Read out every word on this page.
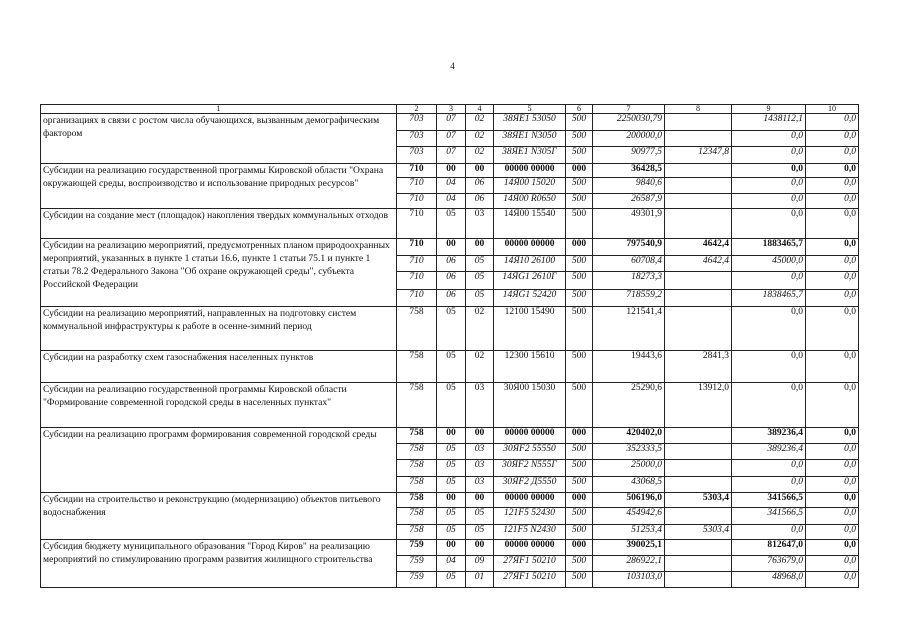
4
1	2	3	4	5	6	7	8	9	10
организациях в связи с ростом числа обучающихся, вызванным демографическим фактором	703	07	02	38ЯЕ1 53050	500	2250030,79		1438112,1	0,0
	703	07	02	38ЯЕ1 N3050	500	200000,0		0,0	0,0
	703	07	02	38ЯЕ1 N305Г	500	90977,5	12347,8	0,0	0,0
Субсидии на реализацию государственной программы Кировской области "Охрана окружающей среды, воспроизводство и использование природных ресурсов"	710	00	00	00000 00000	000	36428,5		0,0	0,0
	710	04	06	14Я00 15020	500	9840,6		0,0	0,0
	710	04	06	14Я00 R0650	500	26587,9		0,0	0,0
Субсидии на создание мест (площадок) накопления твердых коммунальных отходов	710	05	03	14Я00 15540	500	49301,9		0,0	0,0
Субсидии на реализацию мероприятий, предусмотренных планом природоохранных мероприятий, указанных в пункте 1 статьи 16.6, пункте 1 статьи 75.1 и пункте 1 статьи 78.2 Федерального Закона "Об охране окружающей среды", субъекта Российской Федерации	710	00	00	00000 00000	000	797540,9	4642,4	1883465,7	0,0
	710	06	05	14Я10 26100	500	60708,4	4642,4	45000,0	0,0
	710	06	05	14ЯG1 2610Г	500	18273,3		0,0	0,0
	710	06	05	14ЯG1 52420	500	718559,2		1838465,7	0,0
Субсидии на реализацию мероприятий, направленных на подготовку систем коммунальной инфраструктуры к работе в осенне-зимний период	758	05	02	12100 15490	500	121541,4		0,0	0,0
Субсидии на разработку схем газоснабжения населенных пунктов	758	05	02	12300 15610	500	19443,6	2841,3	0,0	0,0
Субсидии на реализацию государственной программы Кировской области "Формирование современной городской среды в населенных пунктах"	758	05	03	30Я00 15030	500	25290,6	13912,0	0,0	0,0
Субсидии на реализацию программ формирования современной городской среды	758	00	00	00000 00000	000	420402,0		389236,4	0,0
	758	05	03	30ЯF2 55550	500	352333,5		389236,4	0,0
	758	05	03	30ЯF2 N555Г	500	25000,0		0,0	0,0
	758	05	03	30ЯF2 Д5550	500	43068,5		0,0	0,0
Субсидии на строительство и реконструкцию (модернизацию) объектов питьевого водоснабжения	758	00	00	00000 00000	000	506196,0	5303,4	341566,5	0,0
	758	05	05	121F5 52430	500	454942,6		341566,5	0,0
	758	05	05	121F5 N2430	500	51253,4	5303,4	0,0	0,0
Субсидия бюджету муниципального образования "Город Киров" на реализацию мероприятий по стимулированию программ развития жилищного строительства	759	00	00	00000 00000	000	390025,1		812647,0	0,0
	759	04	09	27ЯF1 50210	500	286922,1		763679,0	0,0
	759	05	01	27ЯF1 50210	500	103103,0		48968,0	0,0
